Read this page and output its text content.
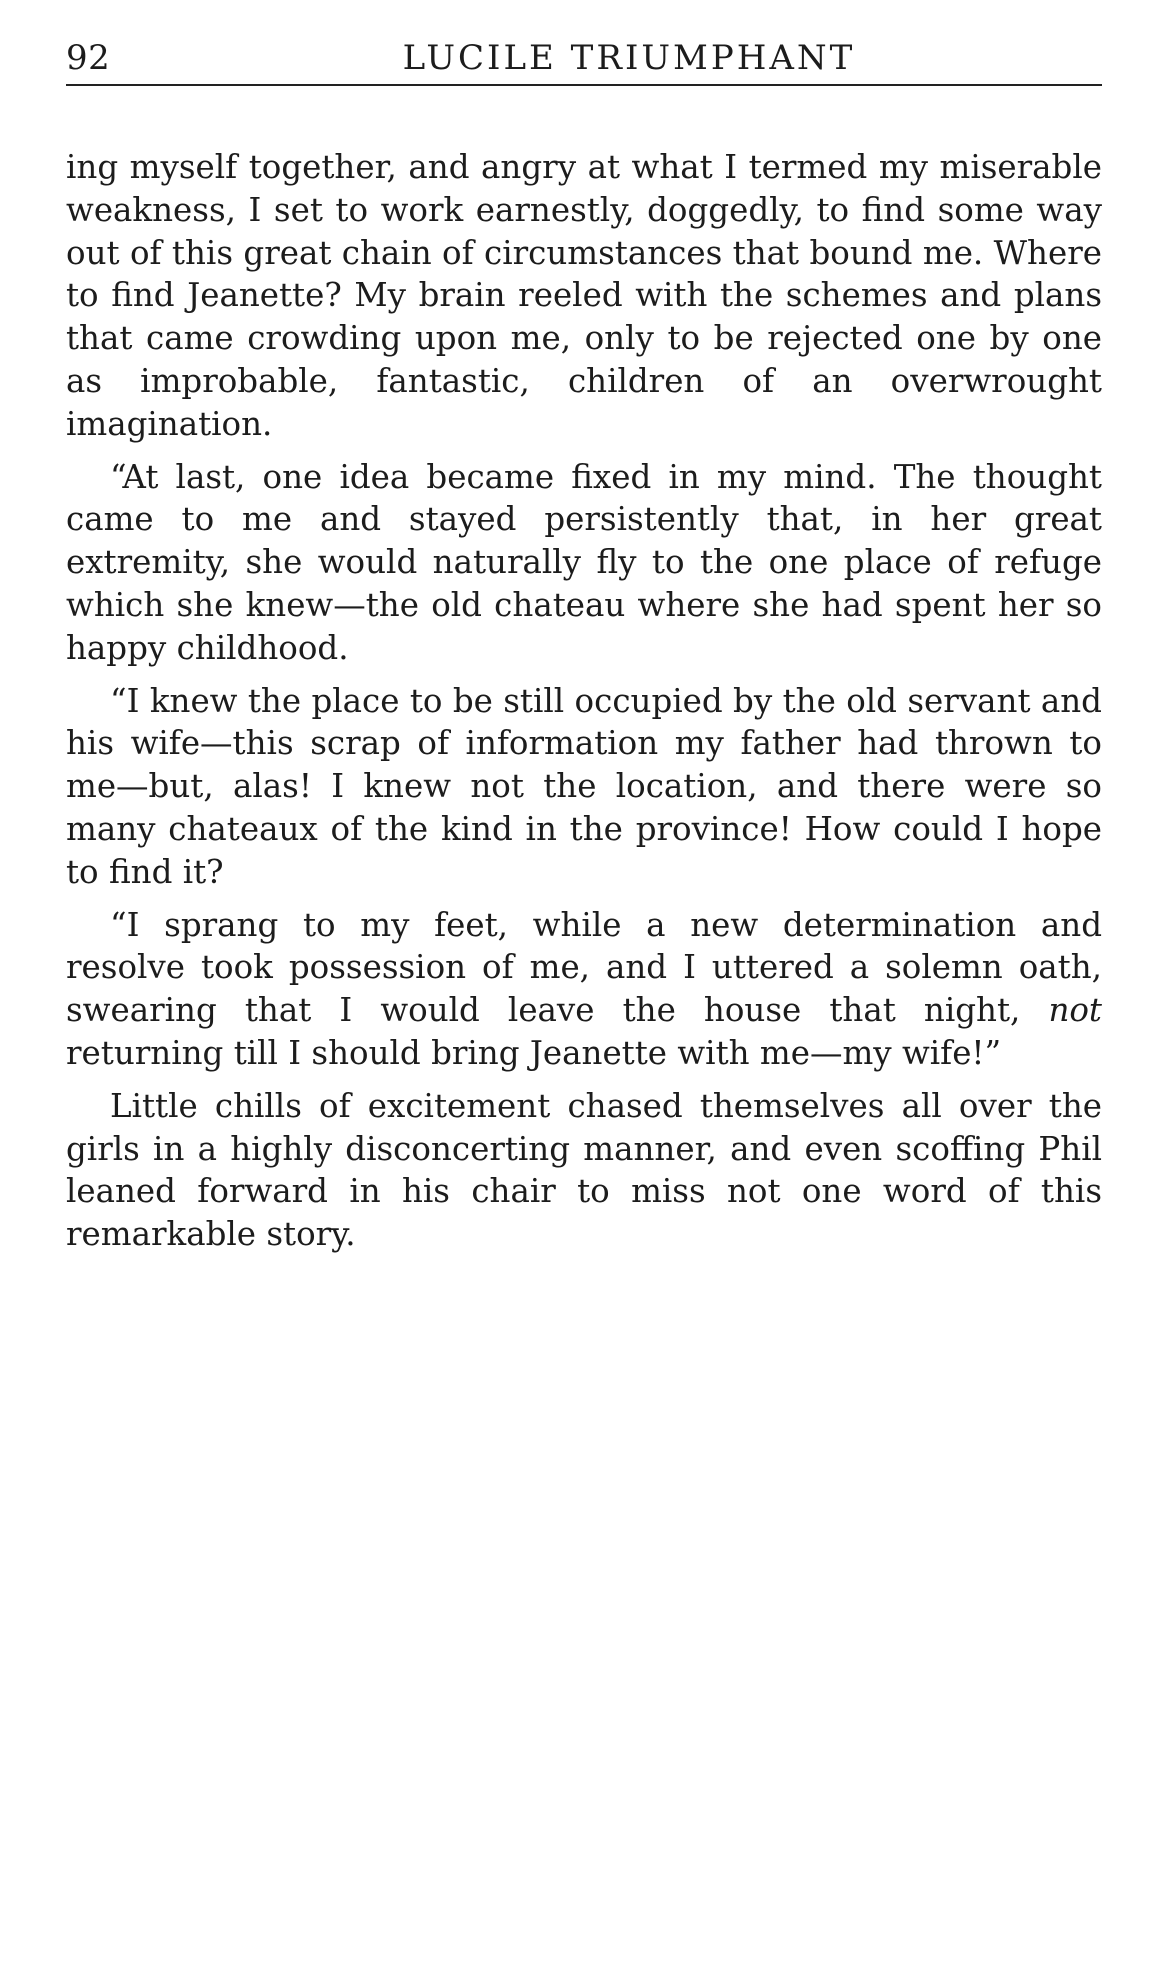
92	LUCILE TRIUMPHANT

ing myself together, and angry at what I termed my miserable weakness, I set to work earnestly, doggedly, to find some way out of this great chain of circumstances that bound me. Where to find Jeanette? My brain reeled with the schemes and plans that came crowding upon me, only to be rejected one by one as improbable, fantastic, children of an overwrought imagination.

“At last, one idea became fixed in my mind. The thought came to me and stayed persistently that, in her great extremity, she would naturally fly to the one place of refuge which she knew—the old chateau where she had spent her so happy childhood.

“I knew the place to be still occupied by the old servant and his wife—this scrap of information my father had thrown to me—but, alas! I knew not the location, and there were so many chateaux of the kind in the province! How could I hope to find it?

“I sprang to my feet, while a new determination and resolve took possession of me, and I uttered a solemn oath, swearing that I would leave the house that night, not returning till I should bring Jeanette with me—my wife!”

Little chills of excitement chased themselves all over the girls in a highly disconcerting manner, and even scoffing Phil leaned forward in his chair to miss not one word of this remarkable story.
